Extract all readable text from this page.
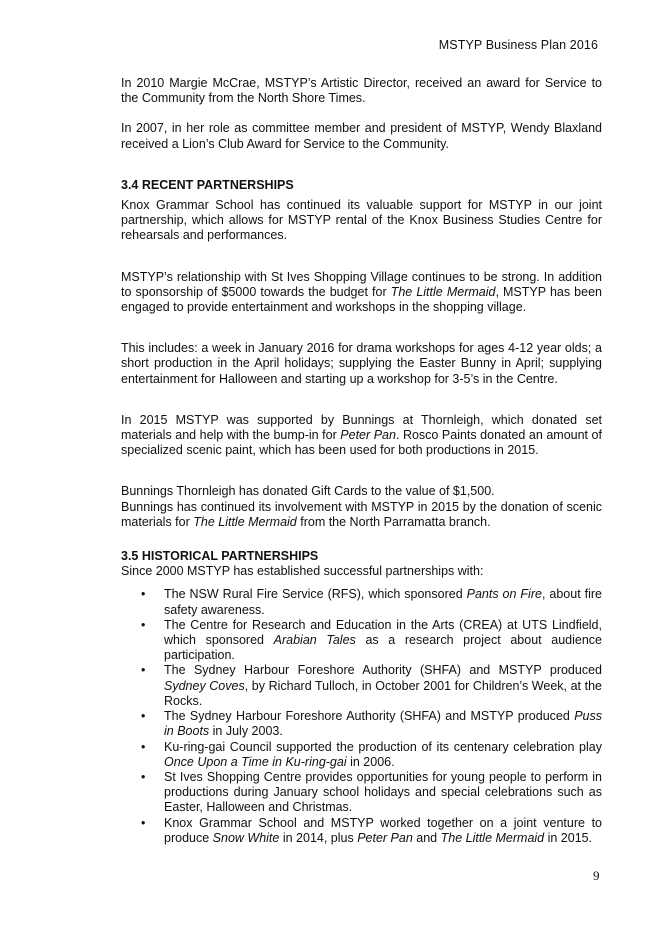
MSTYP Business Plan 2016

In 2010 Margie McCrae, MSTYP’s Artistic Director, received an award for Service to the Community from the North Shore Times.

In 2007, in her role as committee member and president of MSTYP, Wendy Blaxland received a Lion’s Club Award for Service to the Community.

3.4 RECENT PARTNERSHIPS

Knox Grammar School has continued its valuable support for MSTYP in our joint partnership, which allows for MSTYP rental of the Knox Business Studies Centre for rehearsals and performances.

MSTYP’s relationship with St Ives Shopping Village continues to be strong. In addition to sponsorship of $5000 towards the budget for The Little Mermaid, MSTYP has been engaged to provide entertainment and workshops in the shopping village.

This includes: a week in January 2016 for drama workshops for ages 4-12 year olds; a short production in the April holidays; supplying the Easter Bunny in April; supplying entertainment for Halloween and starting up a workshop for 3-5’s in the Centre.

In 2015 MSTYP was supported by Bunnings at Thornleigh, which donated set materials and help with the bump-in for Peter Pan. Rosco Paints donated an amount of specialized scenic paint, which has been used for both productions in 2015.

Bunnings Thornleigh has donated Gift Cards to the value of $1,500.

Bunnings has continued its involvement with MSTYP in 2015 by the donation of scenic materials for The Little Mermaid from the North Parramatta branch.

3.5 HISTORICAL PARTNERSHIPS

Since 2000 MSTYP has established successful partnerships with:

• The NSW Rural Fire Service (RFS), which sponsored Pants on Fire, about fire safety awareness.
• The Centre for Research and Education in the Arts (CREA) at UTS Lindfield, which sponsored Arabian Tales as a research project about audience participation.
• The Sydney Harbour Foreshore Authority (SHFA) and MSTYP produced Sydney Coves, by Richard Tulloch, in October 2001 for Children’s Week, at the Rocks.
• The Sydney Harbour Foreshore Authority (SHFA) and MSTYP produced Puss in Boots in July 2003.
• Ku-ring-gai Council supported the production of its centenary celebration play Once Upon a Time in Ku-ring-gai in 2006.
• St Ives Shopping Centre provides opportunities for young people to perform in productions during January school holidays and special celebrations such as Easter, Halloween and Christmas.
• Knox Grammar School and MSTYP worked together on a joint venture to produce Snow White in 2014, plus Peter Pan and The Little Mermaid in 2015.
9
